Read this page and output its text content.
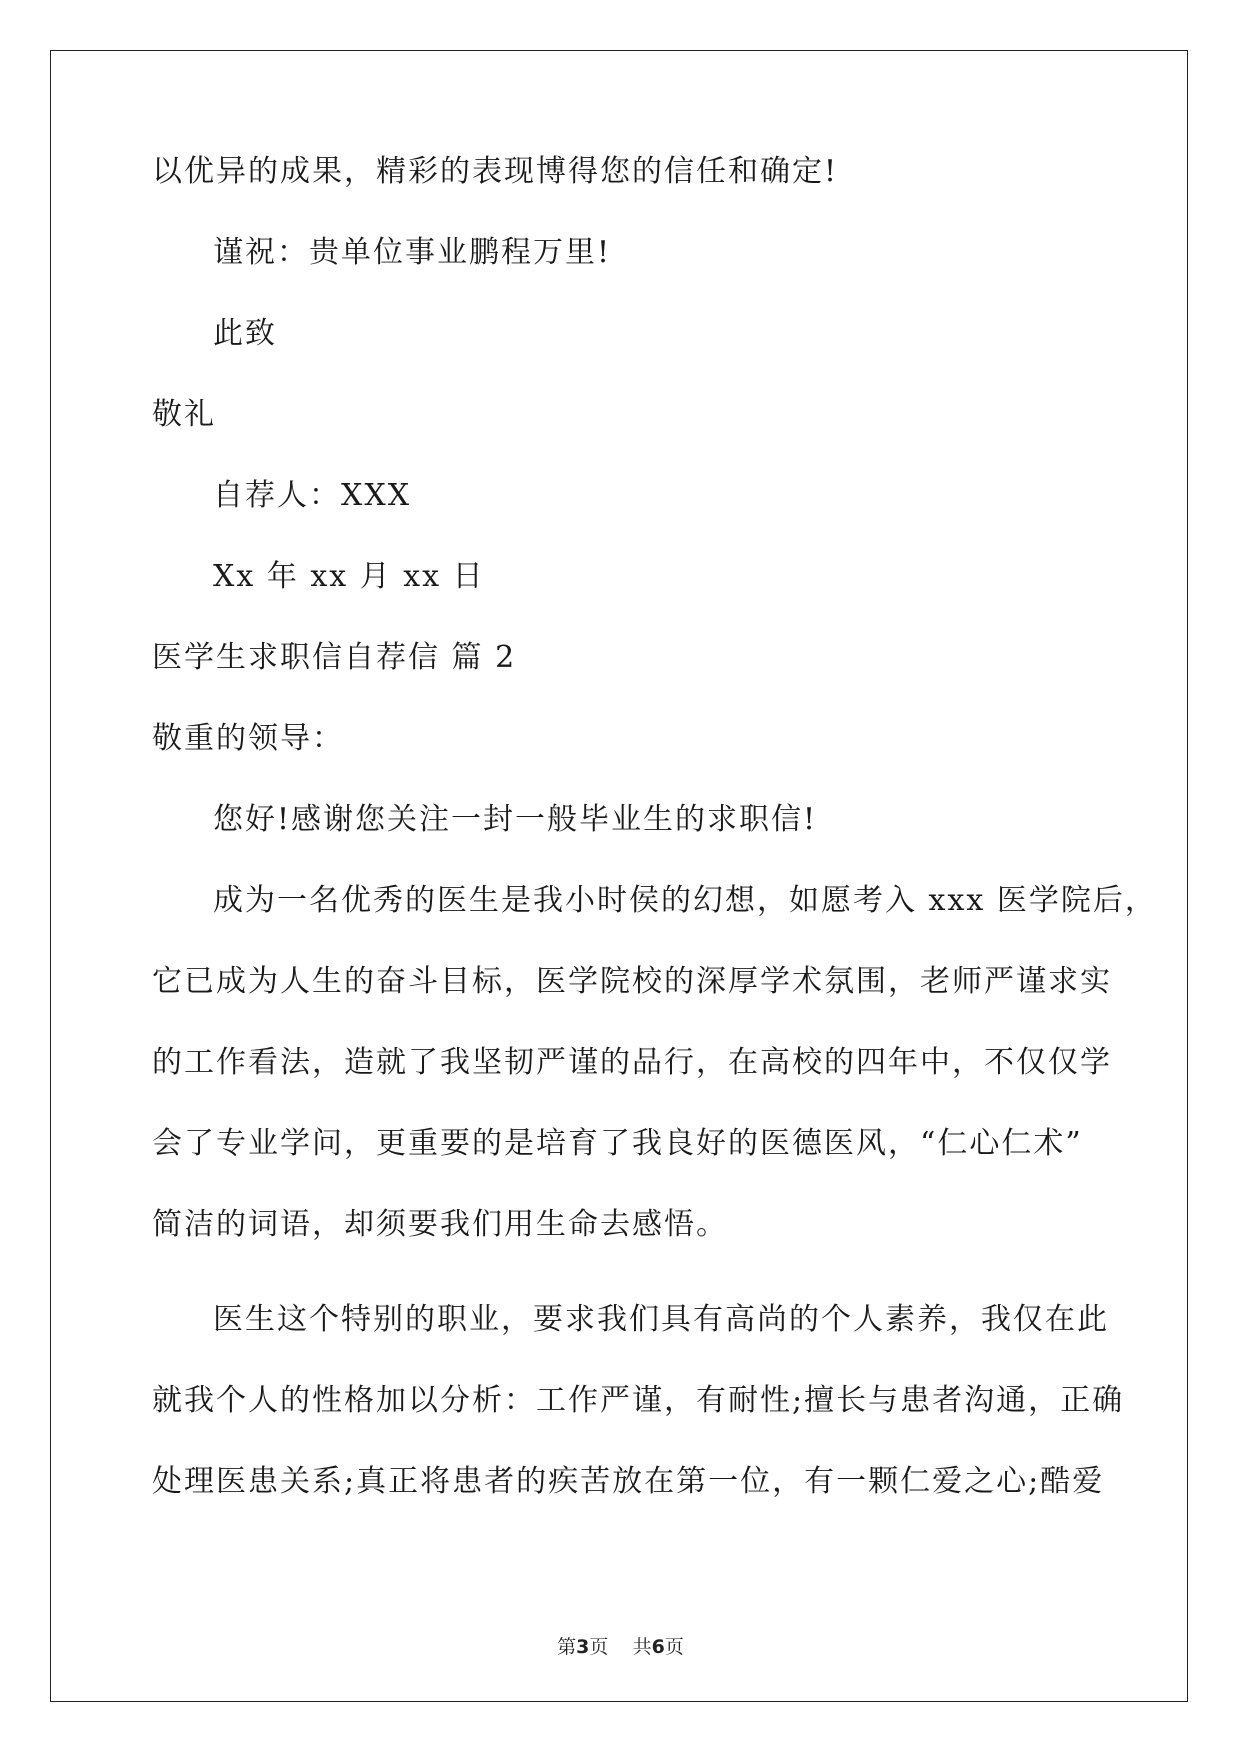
以优异的成果，精彩的表现博得您的信任和确定!

谨祝：贵单位事业鹏程万里!

此致

敬礼

自荐人：XXX

Xx 年 xx 月 xx 日

医学生求职信自荐信 篇 2

敬重的领导：

您好!感谢您关注一封一般毕业生的求职信!

成为一名优秀的医生是我小时侯的幻想，如愿考入 xxx 医学院后，

它已成为人生的奋斗目标，医学院校的深厚学术氛围，老师严谨求实

的工作看法，造就了我坚韧严谨的品行，在高校的四年中，不仅仅学

会了专业学问，更重要的是培育了我良好的医德医风，“仁心仁术”

简洁的词语，却须要我们用生命去感悟。

医生这个特别的职业，要求我们具有高尚的个人素养，我仅在此

就我个人的性格加以分析：工作严谨，有耐性;擅长与患者沟通，正确

处理医患关系;真正将患者的疾苦放在第一位，有一颗仁爱之心;酷爱

第3页    共6页
